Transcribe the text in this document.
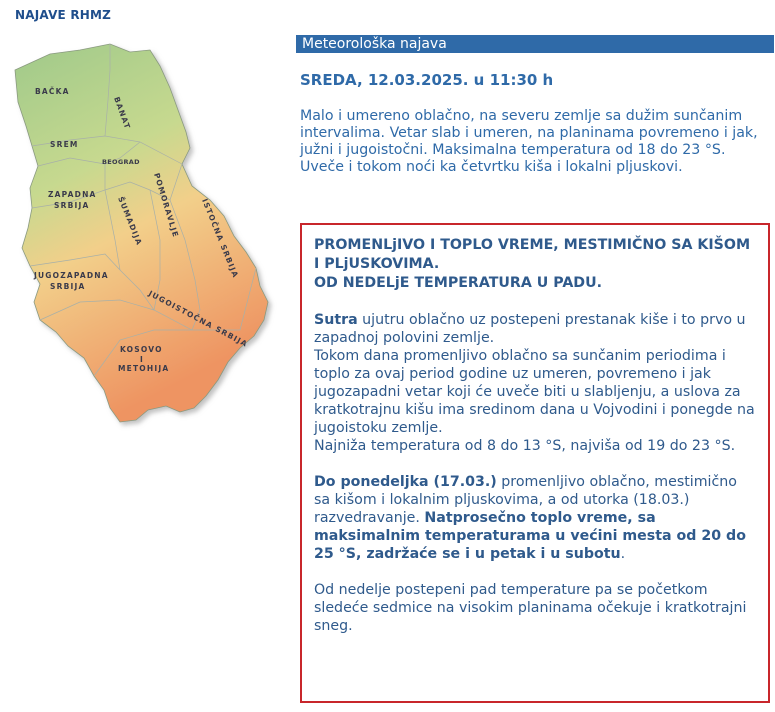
NAJAVE RHMZ
BAČKA
BANAT
SREM
BEOGRAD
ZAPADNA
SRBIJA	ŠUMADIJA POMORAVLJE	ISTOČNA SRBIJA
JUGOZAPADNA
SRBIJA
JUGOISTOČNA SRBIJA
KOSOVO
I
METOHIJA
Meteorološka najava
SREDA, 12.03.2025. u 11:30 h

Malo i umereno oblačno, na severu zemlje sa dužim sunčanim intervalima. Vetar slab i umeren, na planinama povremeno i jak, južni i jugoistočni. Maksimalna temperatura od 18 do 23 °S.

Uveče i tokom noći ka četvrtku kiša i lokalni pljuskovi.

PROMENLjIVO I TOPLO VREME, MESTIMIČNO SA KIŠOM I PLjUSKOVIMA.

OD NEDELjE TEMPERATURA U PADU.

Sutra ujutru oblačno uz postepeni prestanak kiše i to prvo u zapadnoj polovini zemlje.

Tokom dana promenljivo oblačno sa sunčanim periodima i toplo za ovaj period godine uz umeren, povremeno i jak jugozapadni vetar koji će uveče biti u slabljenju, a uslova za kratkotrajnu kišu ima sredinom dana u Vojvodini i ponegde na jugoistoku zemlje.

Najniža temperatura od 8 do 13 °S, najviša od 19 do 23 °S.

Do ponedeljka (17.03.) promenljivo oblačno, mestimično sa kišom i lokalnim pljuskovima, a od utorka (18.03.) razvedravanje. Natprosečno toplo vreme, sa maksimalnim temperaturama u većini mesta od 20 do 25 °S, zadržaće se i u petak i u subotu.

Od nedelje postepeni pad temperature pa se početkom sledeće sedmice na visokim planinama očekuje i kratkotrajni sneg.
